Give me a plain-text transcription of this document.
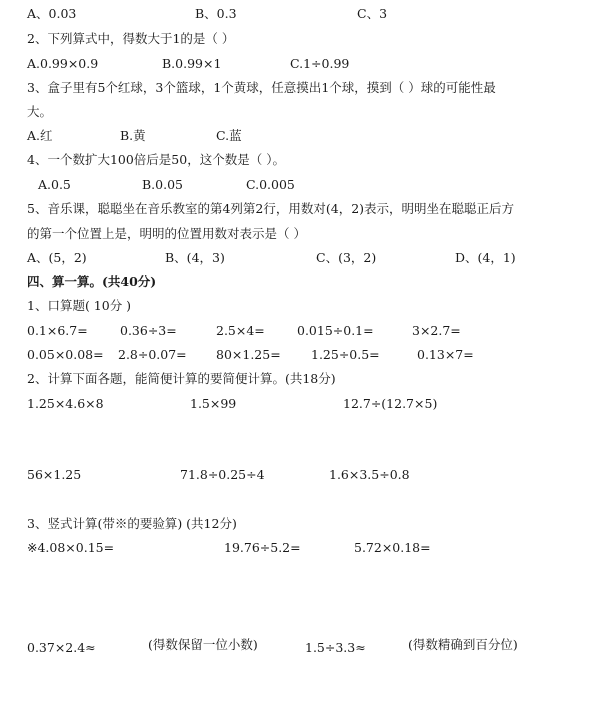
A、0.03	B、0.3	C、3
2、下列算式中，得数大于1的是（ ）
A.0.99×0.9	B.0.99×1	C.1÷0.99
3、盒子里有5个红球，3个篮球，1个黄球，任意摸出1个球，摸到（ ）球的可能性最
大。
A.红	B.黄	C.蓝
4、一个数扩大100倍后是50，这个数是（ ）。
A.0.5	B.0.05	C.0.005
5、音乐课，聪聪坐在音乐教室的第4列第2行，用数对(4，2)表示，明明坐在聪聪正后方
的第一个位置上是，明明的位置用数对表示是（ ）
A、(5，2)	B、(4，3)	C、(3，2)	D、(4，1)
四、算一算。(共40分)
1、口算题( 10分 )
0.1×6.7=	0.36÷3=	2.5×4=	0.015÷0.1=	3×2.7=
0.05×0.08= 2.8÷0.07= 80×1.25= 1.25÷0.5=	0.13×7=
2、计算下面各题，能简便计算的要简便计算。(共18分)
1.25×4.6×8	1.5×99	12.7÷(12.7×5)
56×1.25	71.8÷0.25÷4	1.6×3.5÷0.8
3、竖式计算(带※的要验算) (共12分)
※4.08×0.15=	19.76÷5.2=	5.72×0.18=
0.37×2.4≈	(得数保留一位小数)	1.5÷3.3≈	(得数精确到百分位)
